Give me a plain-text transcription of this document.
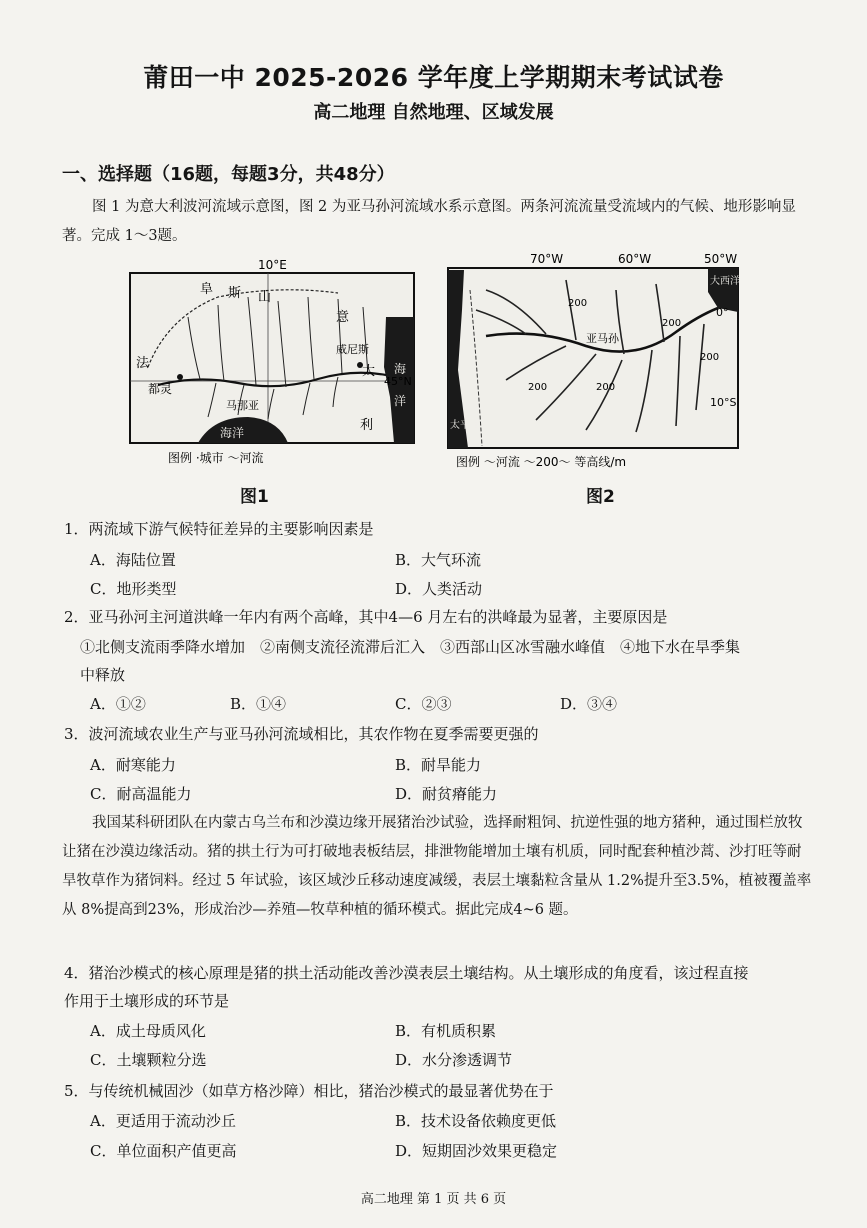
莆田一中 2025-2026 学年度上学期期末考试试卷
高二地理 自然地理、区域发展
一、选择题（16题，每题3分，共48分）

图 1 为意大利波河流域示意图，图 2 为亚马孙河流域水系示意图。两条河流流量受流域内的气候、地形影响显著。完成 1～3题。

10°E
阜 斯 山
意
威尼斯
大
利
法
都灵
马那亚
海洋
海
洋
45°N
图例 ·城市 ～河流
图1
70°W	60°W	50°W
200
200
200
200
200
大西洋
亚马孙
太平洋
0°
10°S
图例 ～河流 ～200～ 等高线/m
图2
1．两流域下游气候特征差异的主要影响因素是
A．海陆位置	B．大气环流
C．地形类型	D．人类活动
2．亚马孙河主河道洪峰一年内有两个高峰，其中4—6 月左右的洪峰最为显著，主要原因是
①北侧支流雨季降水增加　②南侧支流径流滞后汇入　③西部山区冰雪融水峰值　④地下水在旱季集
中释放
A．①②	B．①④	C．②③	D．③④
3．波河流域农业生产与亚马孙河流域相比，其农作物在夏季需要更强的
A．耐寒能力	B．耐旱能力
C．耐高温能力	D．耐贫瘠能力

我国某科研团队在内蒙古乌兰布和沙漠边缘开展猪治沙试验，选择耐粗饲、抗逆性强的地方猪种，通过围栏放牧让猪在沙漠边缘活动。猪的拱土行为可打破地表板结层，排泄物能增加土壤有机质，同时配套种植沙蒿、沙打旺等耐旱牧草作为猪饲料。经过 5 年试验，该区域沙丘移动速度减缓，表层土壤黏粒含量从 1.2%提升至3.5%，植被覆盖率从 8%提高到23%，形成治沙—养殖—牧草种植的循环模式。据此完成4~6 题。

4．猪治沙模式的核心原理是猪的拱土活动能改善沙漠表层土壤结构。从土壤形成的角度看，该过程直接
作用于土壤形成的环节是
A．成土母质风化	B．有机质积累
C．土壤颗粒分选	D．水分渗透调节
5．与传统机械固沙（如草方格沙障）相比，猪治沙模式的最显著优势在于
A．更适用于流动沙丘	B．技术设备依赖度更低
C．单位面积产值更高	D．短期固沙效果更稳定
高二地理 第 1 页 共 6 页
